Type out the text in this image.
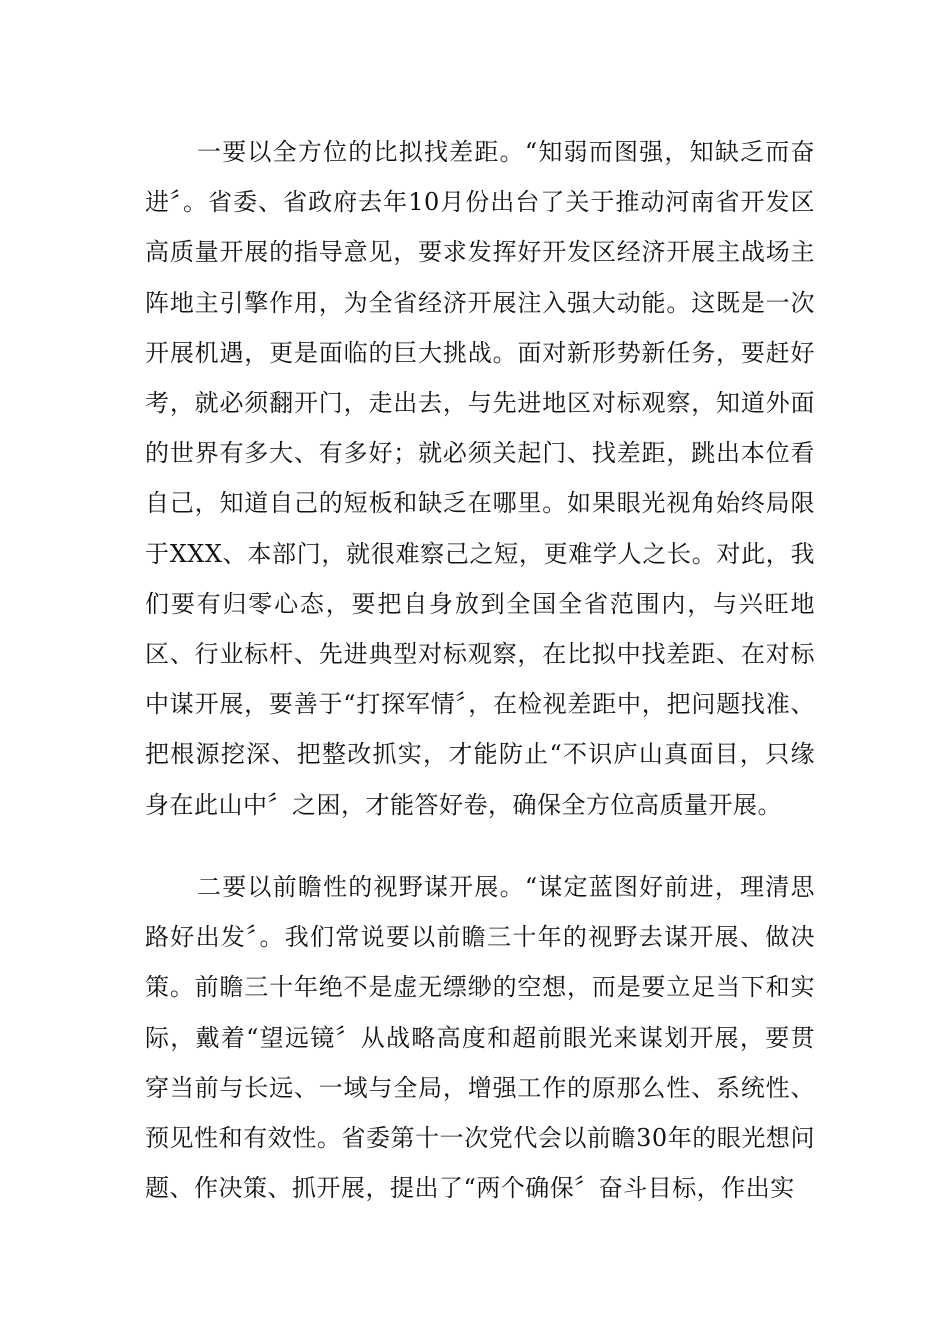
一要以全方位的比拟找差距。“知弱而图强，知缺乏而奋进〞。省委、省政府去年10月份出台了关于推动河南省开发区高质量开展的指导意见，要求发挥好开发区经济开展主战场主阵地主引擎作用，为全省经济开展注入强大动能。这既是一次开展机遇，更是面临的巨大挑战。面对新形势新任务，要赶好考，就必须翻开门，走出去，与先进地区对标观察，知道外面的世界有多大、有多好；就必须关起门、找差距，跳出本位看自己，知道自己的短板和缺乏在哪里。如果眼光视角始终局限于XXX、本部门，就很难察己之短，更难学人之长。对此，我们要有归零心态，要把自身放到全国全省范围内，与兴旺地区、行业标杆、先进典型对标观察，在比拟中找差距、在对标中谋开展，要善于“打探军情〞，在检视差距中，把问题找准、把根源挖深、把整改抓实，才能防止“不识庐山真面目，只缘身在此山中〞之困，才能答好卷，确保全方位高质量开展。

二要以前瞻性的视野谋开展。“谋定蓝图好前进，理清思路好出发〞。我们常说要以前瞻三十年的视野去谋开展、做决策。前瞻三十年绝不是虚无缥缈的空想，而是要立足当下和实际，戴着“望远镜〞从战略高度和超前眼光来谋划开展，要贯穿当前与长远、一域与全局，增强工作的原那么性、系统性、预见性和有效性。省委第十一次党代会以前瞻30年的眼光想问题、作决策、抓开展，提出了“两个确保〞奋斗目标，作出实
